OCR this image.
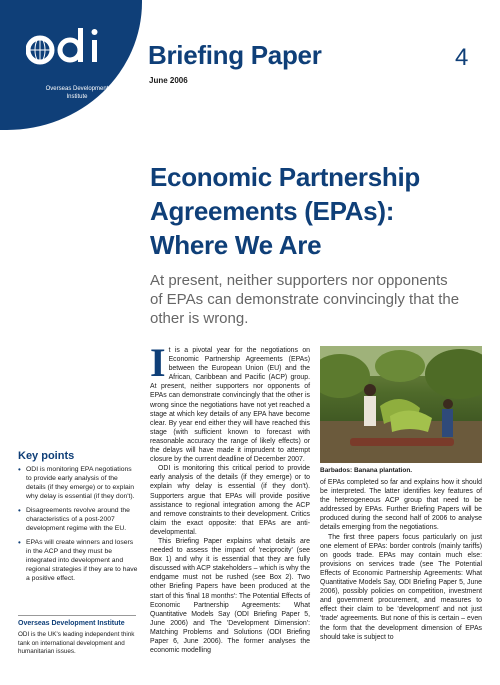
Overseas Development
Institute
Briefing Paper	4
June 2006
Economic Partnership
Agreements (EPAs):
Where We Are
At present, neither supporters nor opponents
of EPAs can demonstrate convincingly that the
other is wrong.
Key points
• ODI is monitoring EPA negotiations to provide early analysis of the details (if they emerge) or to explain why delay is essential (if they don't).
• Disagreements revolve around the characteristics of a post-2007 development regime with the EU.
• EPAs will create winners and losers in the ACP and they must be integrated into development and regional strategies if they are to have a positive effect.
Overseas Development Institute
ODI is the UK's leading independent think tank on international development and humanitarian issues.

It is a pivotal year for the negotiations on Economic Partnership Agreements (EPAs) between the European Union (EU) and the African, Caribbean and Pacific (ACP) group. At present, neither supporters nor opponents of EPAs can demonstrate convincingly that the other is wrong since the negotiations have not yet reached a stage at which key details of any EPA have become clear. By year end either they will have reached this stage (with sufficient known to forecast with reasonable accuracy the range of likely effects) or the delays will have made it imprudent to attempt closure by the current deadline of December 2007.

ODI is monitoring this critical period to provide early analysis of the details (if they emerge) or to explain why delay is essential (if they don't). Supporters argue that EPAs will provide positive assistance to regional integration among the ACP and remove constraints to their development. Critics claim the exact opposite: that EPAs are anti-developmental.

This Briefing Paper explains what details are needed to assess the impact of 'reciprocity' (see Box 1) and why it is essential that they are fully discussed with ACP stakeholders – which is why the endgame must not be rushed (see Box 2). Two other Briefing Papers have been produced at the start of this 'final 18 months': The Potential Effects of Economic Partnership Agreements: What Quantitative Models Say (ODI Briefing Paper 5, June 2006) and The 'Development Dimension': Matching Problems and Solutions (ODI Briefing Paper 6, June 2006). The former analyses the economic modelling

Barbados: Banana plantation.

of EPAs completed so far and explains how it should be interpreted. The latter identifies key features of the heterogeneous ACP group that need to be addressed by EPAs. Further Briefing Papers will be produced during the second half of 2006 to analyse details emerging from the negotiations.

The first three papers focus particularly on just one element of EPAs: border controls (mainly tariffs) on goods trade. EPAs may contain much else: provisions on services trade (see The Potential Effects of Economic Partnership Agreements: What Quantitative Models Say, ODI Briefing Paper 5, June 2006), possibly policies on competition, investment and government procurement, and measures to effect their claim to be 'development' and not just 'trade' agreements. But none of this is certain – even the form that the development dimension of EPAs should take is subject to
